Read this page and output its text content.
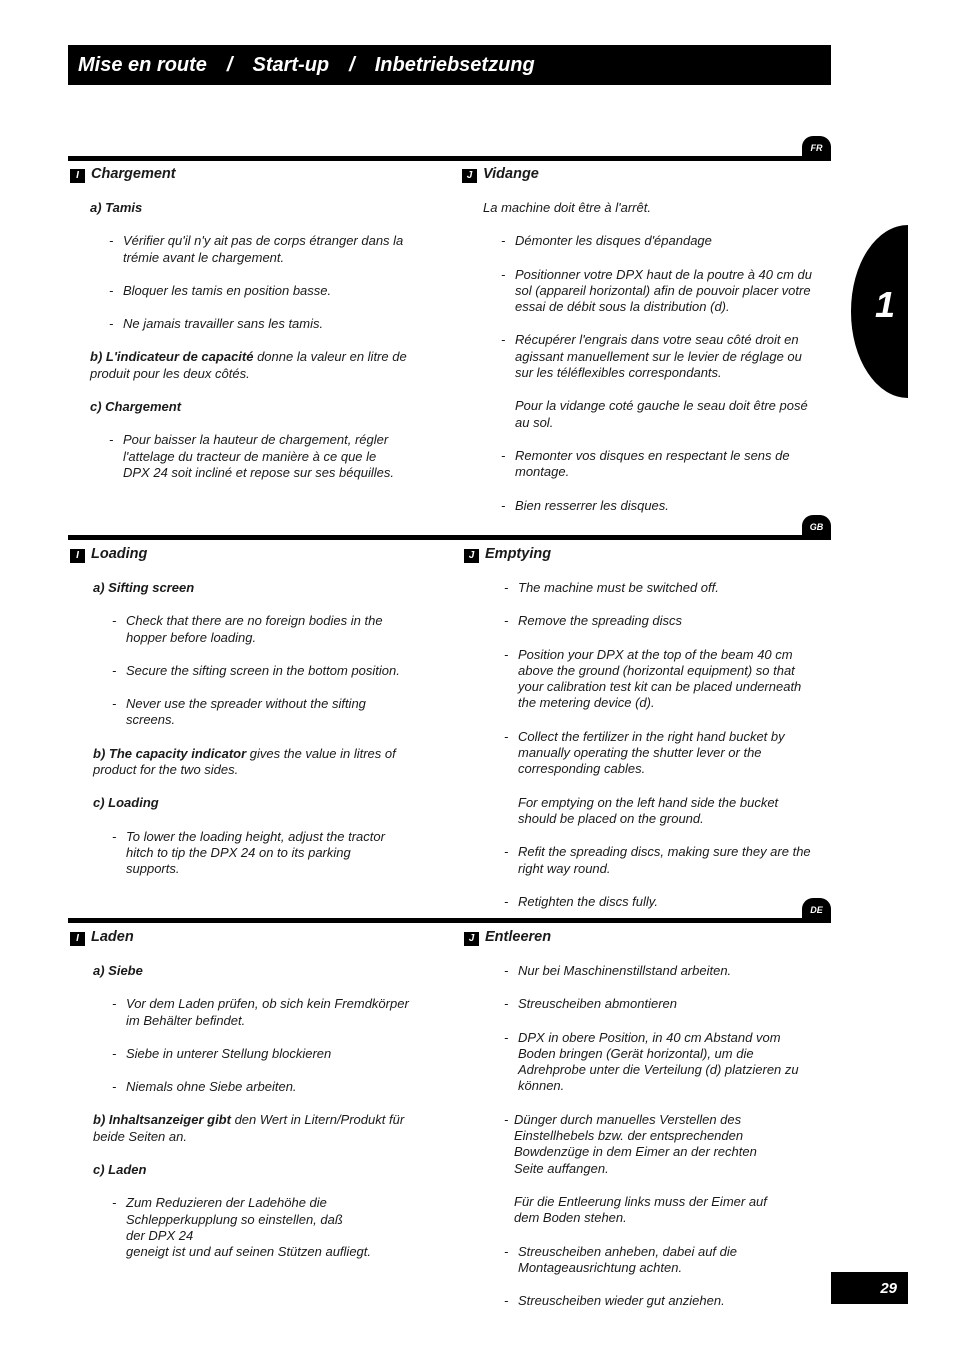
Mise en route / Start-up / Inbetriebsetzung
1
FR
I Chargement

a) Tamis

- Vérifier qu'il n'y ait pas de corps étranger dans la trémie avant le chargement.
- Bloquer les tamis en position basse.
- Ne jamais travailler sans les tamis.

b) L'indicateur de capacité donne la valeur en litre de produit pour les deux côtés.

c) Chargement

- Pour baisser la hauteur de chargement, régler l'attelage du tracteur de manière à ce que le DPX 24 soit incliné et repose sur ses béquilles.
J Vidange

La machine doit être à l'arrêt.

- Démonter les disques d'épandage
- Positionner votre DPX haut de la poutre à 40 cm du sol (appareil horizontal) afin de pouvoir placer votre essai de débit sous la distribution (d).
- Récupérer l'engrais dans votre seau côté droit en agissant manuellement sur le levier de réglage ou sur les téléflexibles correspondants.

Pour la vidange coté gauche le seau doit être posé au sol.

- Remonter vos disques en respectant le sens de montage.
- Bien resserrer les disques.
GB
I Loading

a) Sifting screen

- Check that there are no foreign bodies in the hopper before loading.
- Secure the sifting screen in the bottom position.
- Never use the spreader without the sifting screens.

b) The capacity indicator gives the value in litres of product for the two sides.

c) Loading

- To lower the loading height, adjust the tractor hitch to tip the DPX 24 on to its parking supports.
J Emptying
- The machine must be switched off.
- Remove the spreading discs
- Position your DPX at the top of the beam 40 cm above the ground (horizontal equipment) so that your calibration test kit can be placed underneath the metering device (d).
- Collect the fertilizer in the right hand bucket by manually operating the shutter lever or the corresponding cables.

For emptying on the left hand side the bucket should be placed on the ground.

- Refit the spreading discs, making sure they are the right way round.
- Retighten the discs fully.
DE
I Laden

a) Siebe

- Vor dem Laden prüfen, ob sich kein Fremdkörper im Behälter befindet.
- Siebe in unterer Stellung blockieren
- Niemals ohne Siebe arbeiten.

b) Inhaltsanzeiger gibt den Wert in Litern/Produkt für beide Seiten an.

c) Laden

- Zum Reduzieren der Ladehöhe die Schlepperkupplung so einstellen, daß der DPX 24

geneigt ist und auf seinen Stützen aufliegt.

J Entleeren
- Nur bei Maschinenstillstand arbeiten.
- Streuscheiben abmontieren
- DPX in obere Position, in 40 cm Abstand vom Boden bringen (Gerät horizontal), um die Adrehprobe unter die Verteilung (d) platzieren zu können.
- Dünger durch manuelles Verstellen des Einstellhebels bzw. der entsprechenden Bowdenzüge in dem Eimer an der rechten Seite auffangen.

Für die Entleerung links muss der Eimer auf dem Boden stehen.

- Streuscheiben anheben, dabei auf die Montageausrichtung achten.
- Streuscheiben wieder gut anziehen.
29
